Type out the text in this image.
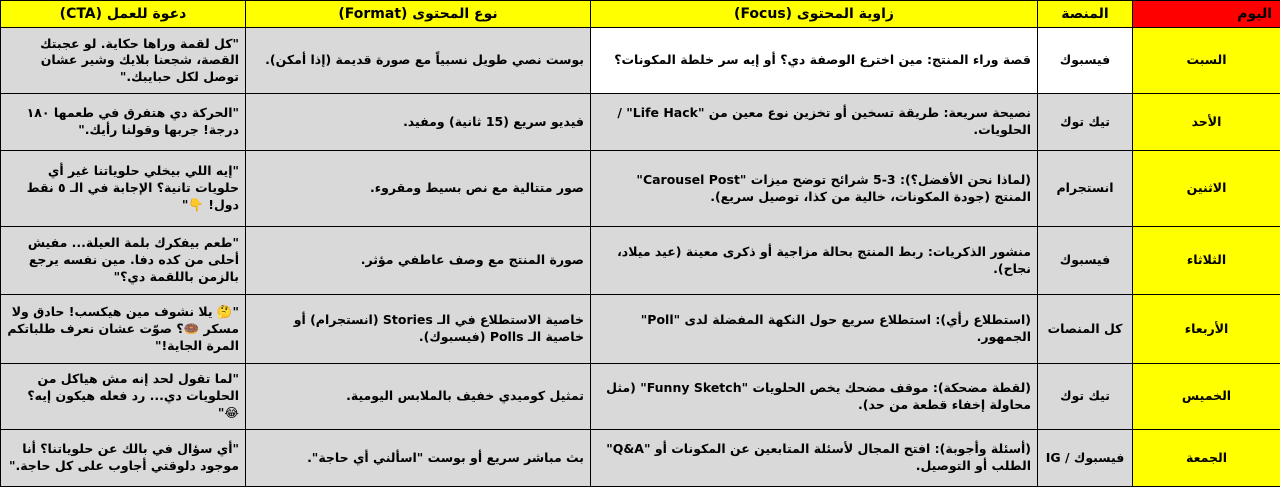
دعوة للعمل (CTA)	نوع المحتوى (Format)	زاوية المحتوى (Focus)	المنصة	اليوم
"كل لقمة وراها حكاية. لو عجبتك القصة، شجعنا بلايك وشير عشان توصل لكل حبايبك."	بوست نصي طويل نسبياً مع صورة قديمة (إذا أمكن).	قصة وراء المنتج: مين اخترع الوصفة دي؟ أو إيه سر خلطة المكونات؟	فيسبوك	السبت
"الحركة دي هتفرق في طعمها ١٨٠ درجة! جربها وقولنا رأيك."	فيديو سريع (15 ثانية) ومفيد.	نصيحة سريعة: طريقة تسخين أو تخزين نوع معين من "Life Hack" / الحلويات.	تيك توك	الأحد
"إيه اللي بيخلي حلوياتنا غير أي حلويات تانية؟ الإجابة في الـ ٥ نقط دول! 👇"	صور متتالية مع نص بسيط ومقروء.	(لماذا نحن الأفضل؟): 3-5 شرائح توضح ميزات "Carousel Post" المنتج (جودة المكونات، خالية من كذا، توصيل سريع).	انستجرام	الاثنين
"طعم بيفكرك بلمة العيلة... مفيش أحلى من كده دفا. مين نفسه يرجع بالزمن باللقمة دي؟"	صورة المنتج مع وصف عاطفي مؤثر.	منشور الذكريات: ربط المنتج بحالة مزاجية أو ذكرى معينة (عيد ميلاد، نجاح).	فيسبوك	الثلاثاء
"🤔 يلا نشوف مين هيكسب! حادق ولا مسكر 🍩؟ صوّت عشان نعرف طلباتكم المرة الجاية!"	خاصية الاستطلاع في الـ Stories (انستجرام) أو خاصية الـ Polls (فيسبوك).	(استطلاع رأي): استطلاع سريع حول النكهة المفضلة لدى "Poll" الجمهور.	كل المنصات	الأربعاء
"لما تقول لحد إنه مش هياكل من الحلويات دي... رد فعله هيكون إيه؟ 😂"	تمثيل كوميدي خفيف بالملابس اليومية.	(لقطة مضحكة): موقف مضحك يخص الحلويات "Funny Sketch" (مثل محاولة إخفاء قطعة من حد).	تيك توك	الخميس
"أي سؤال في بالك عن حلوياتنا؟ أنا موجود دلوقتي أجاوب على كل حاجة."	بث مباشر سريع أو بوست "اسألني أي حاجة".	(أسئلة وأجوبة): افتح المجال لأسئلة المتابعين عن المكونات أو "Q&A" الطلب أو التوصيل.	فيسبوك / IG	الجمعة
